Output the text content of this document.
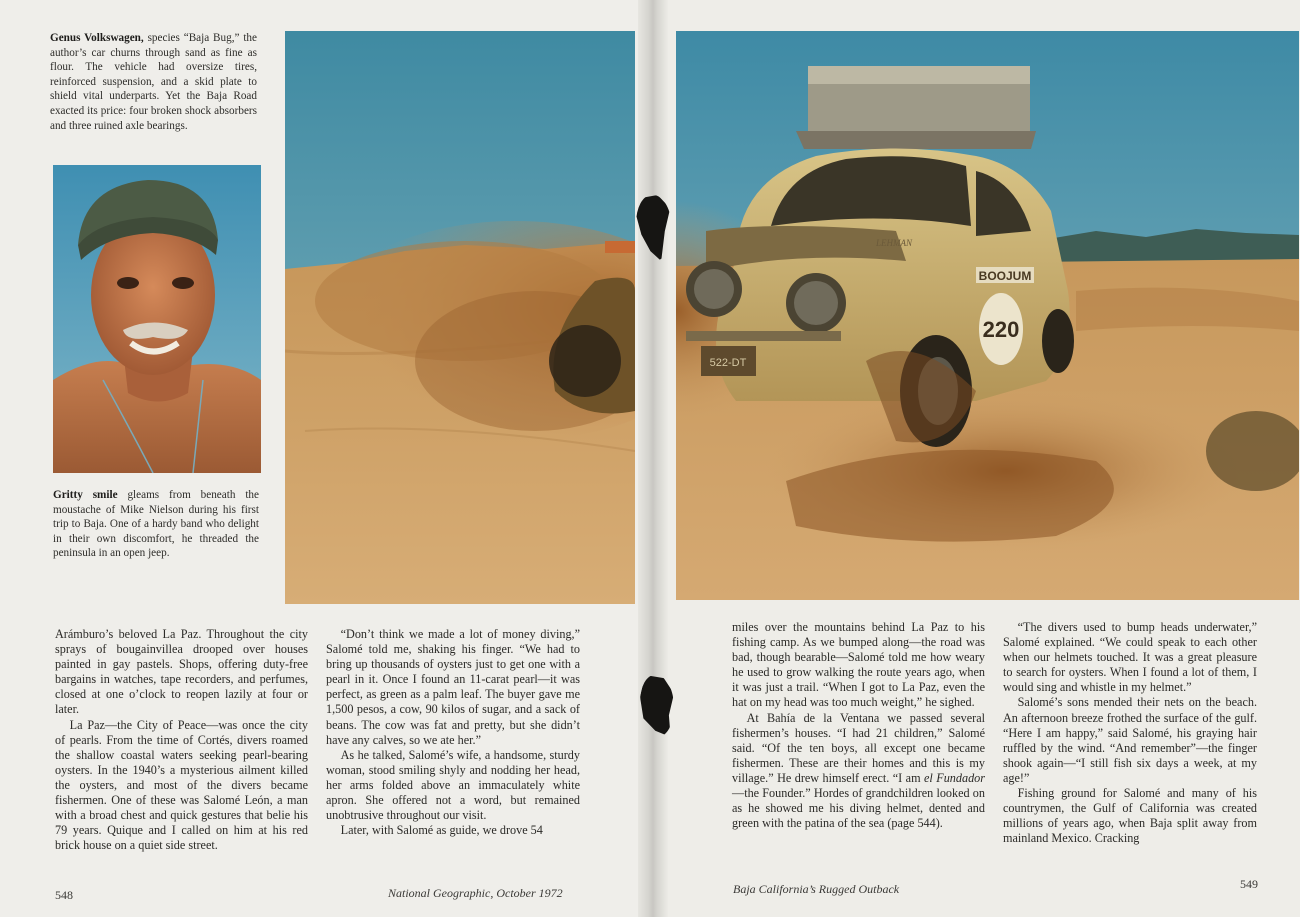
Genus Volkswagen, species “Baja Bug,” the author’s car churns through sand as fine as flour. The vehicle had oversize tires, reinforced suspension, and a skid plate to shield vital underparts. Yet the Baja Road exacted its price: four broken shock absorbers and three ruined axle bearings.
Gritty smile gleams from beneath the moustache of Mike Nielson during his first trip to Baja. One of a hardy band who delight in their own discomfort, he threaded the peninsula in an open jeep.

Arámburo’s beloved La Paz. Throughout the city sprays of bougainvillea drooped over houses painted in gay pastels. Shops, offering duty-free bargains in watches, tape recorders, and perfumes, closed at one o’clock to reopen lazily at four or later.

La Paz—the City of Peace—was once the city of pearls. From the time of Cortés, divers roamed the shallow coastal waters seeking pearl-bearing oysters. In the 1940’s a mysterious ailment killed the oysters, and most of the divers became fishermen. One of these was Salomé León, a man with a broad chest and quick gestures that belie his 79 years. Quique and I called on him at his red brick house on a quiet side street.

“Don’t think we made a lot of money diving,” Salomé told me, shaking his finger. “We had to bring up thousands of oysters just to get one with a pearl in it. Once I found an 11-carat pearl—it was perfect, as green as a palm leaf. The buyer gave me 1,500 pesos, a cow, 90 kilos of sugar, and a sack of beans. The cow was fat and pretty, but she didn’t have any calves, so we ate her.”

As he talked, Salomé’s wife, a handsome, sturdy woman, stood smiling shyly and nodding her head, her arms folded above an immaculately white apron. She offered not a word, but remained unobtrusive throughout our visit.

Later, with Salomé as guide, we drove 54

548	National Geographic, October 1972
522-DT
LEHMAN
BOOJUM
220

miles over the mountains behind La Paz to his fishing camp. As we bumped along—the road was bad, though bearable—Salomé told me how weary he used to grow walking the route years ago, when it was just a trail. “When I got to La Paz, even the hat on my head was too much weight,” he sighed.

At Bahía de la Ventana we passed several fishermen’s houses. “I had 21 children,” Salomé said. “Of the ten boys, all except one became fishermen. These are their homes and this is my village.” He drew himself erect. “I am el Fundador—the Founder.” Hordes of grandchildren looked on as he showed me his diving helmet, dented and green with the patina of the sea (page 544).

“The divers used to bump heads underwater,” Salomé explained. “We could speak to each other when our helmets touched. It was a great pleasure to search for oysters. When I found a lot of them, I would sing and whistle in my helmet.”

Salomé’s sons mended their nets on the beach. An afternoon breeze frothed the surface of the gulf. “Here I am happy,” said Salomé, his graying hair ruffled by the wind. “And remember”—the finger shook again—“I still fish six days a week, at my age!”

Fishing ground for Salomé and many of his countrymen, the Gulf of California was created millions of years ago, when Baja split away from mainland Mexico. Cracking

Baja California’s Rugged Outback	549
